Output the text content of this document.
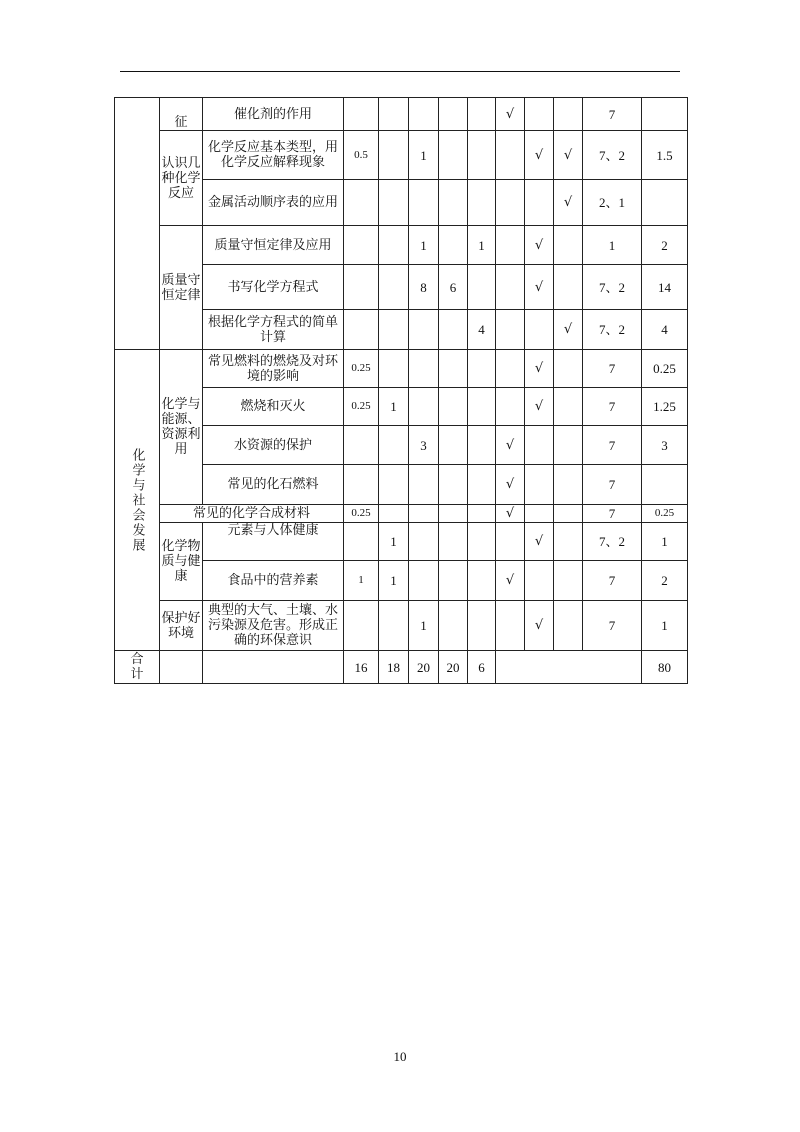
	征	催化剂的作用						√			7	
	认识几种化学反应	化学反应基本类型，用化学反应解释现象	0.5		1				√	√	7、2	1.5
		金属活动顺序表的应用								√	2、1	
	质量守恒定律	质量守恒定律及应用			1		1		√		1	2
		书写化学方程式			8	6			√		7、2	14
		根据化学方程式的简单计算					4			√	7、2	4

化学与社会发展	化学与能源、资源利用	常见燃料的燃烧及对环境的影响	0.25						√		7	0.25
		燃烧和灭火	0.25	1					√		7	1.25
		水资源的保护			3			√			7	3
		常见的化石燃料						√			7	
	常见的化学合成材料		0.25					√			7	0.25
	化学物质与健康	元素与人体健康		1					√		7、2	1
		食品中的营养素	1	1				√			7	2
	保护好环境	典型的大气、土壤、水污染源及危害。形成正确的环保意识			1				√		7	1

合计			16	18	20	20	6					80
10
